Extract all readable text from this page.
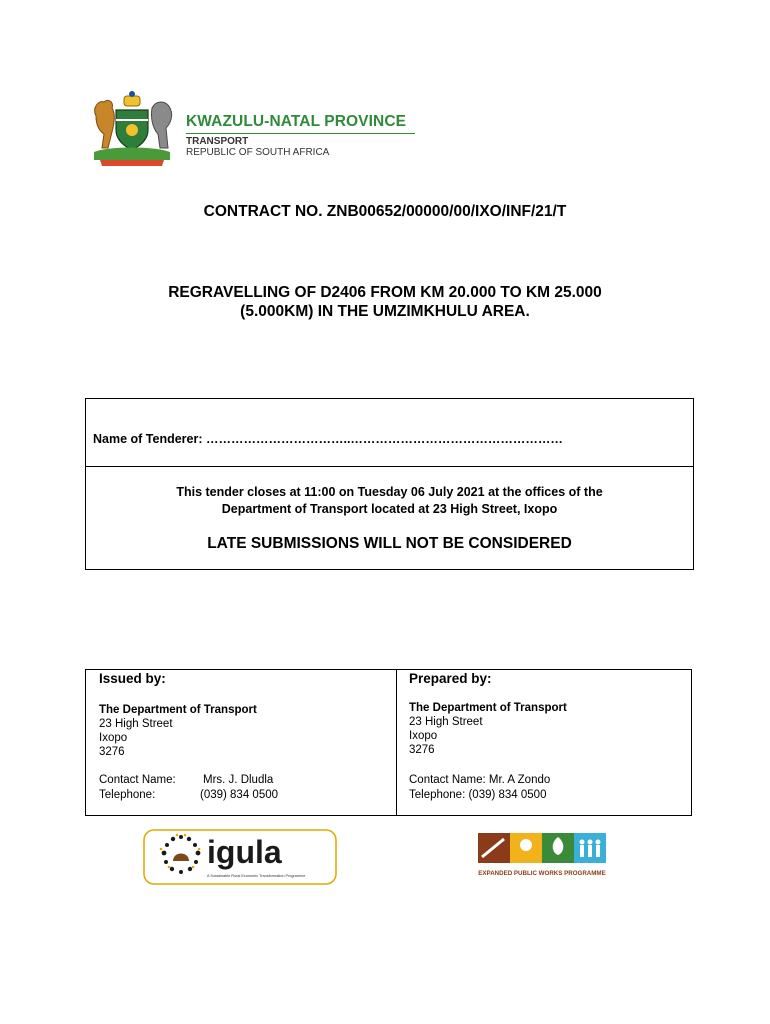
KWAZULU-NATAL PROVINCE
TRANSPORT
REPUBLIC OF SOUTH AFRICA
CONTRACT NO. ZNB00652/00000/00/IXO/INF/21/T
REGRAVELLING OF D2406 FROM KM 20.000 TO KM 25.000
(5.000KM) IN THE UMZIMKHULU AREA.
Name of Tenderer: ……………………………..……………………………………………
This tender closes at 11:00 on Tuesday 06 July 2021 at the offices of the
Department of Transport located at 23 High Street, Ixopo
LATE SUBMISSIONS WILL NOT BE CONSIDERED
Issued by:
The Department of Transport
23 High Street
Ixopo
3276
Contact Name: Mrs. J. Dludla
Telephone:	(039) 834 0500
Prepared by:
The Department of Transport
23 High Street
Ixopo
3276
Contact Name: Mr. A Zondo
Telephone: (039) 834 0500
igula
A Sustainable Rural Economic Transformation Programme	EXPANDED PUBLIC WORKS PROGRAMME
